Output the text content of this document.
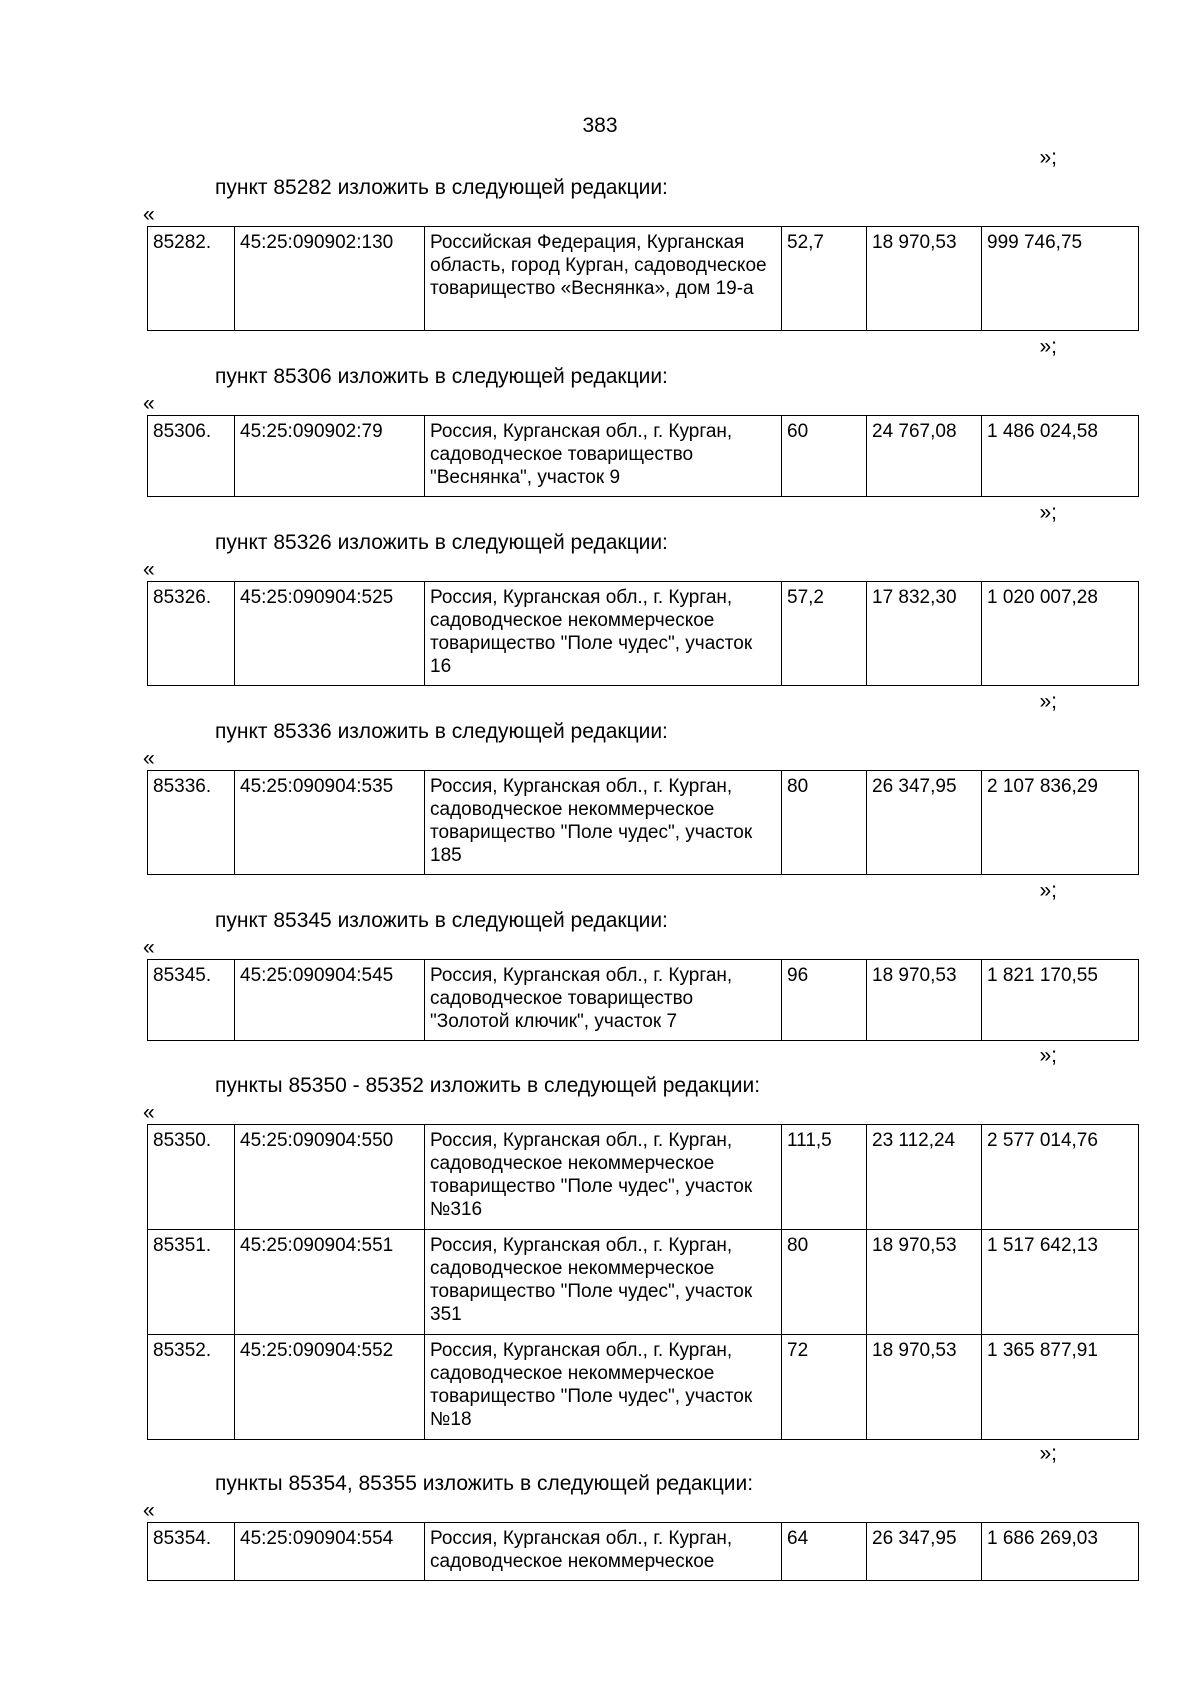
383
»;
пункт 85282 изложить в следующей редакции:
«
85282.	45:25:090902:130	Российская Федерация, Курганская область, город Курган, садоводческое товарищество «Веснянка», дом 19-а	52,7	18 970,53	999 746,75
»;
пункт 85306 изложить в следующей редакции:
«
85306.	45:25:090902:79	Россия, Курганская обл., г. Курган, садоводческое товарищество "Веснянка", участок 9	60	24 767,08	1 486 024,58
»;
пункт 85326 изложить в следующей редакции:
«
85326.	45:25:090904:525	Россия, Курганская обл., г. Курган, садоводческое некоммерческое товарищество "Поле чудес", участок 16	57,2	17 832,30	1 020 007,28
»;
пункт 85336 изложить в следующей редакции:
«
85336.	45:25:090904:535	Россия, Курганская обл., г. Курган, садоводческое некоммерческое товарищество "Поле чудес", участок 185	80	26 347,95	2 107 836,29
»;
пункт 85345 изложить в следующей редакции:
«
85345.	45:25:090904:545	Россия, Курганская обл., г. Курган, садоводческое товарищество "Золотой ключик", участок 7	96	18 970,53	1 821 170,55
»;
пункты 85350 - 85352 изложить в следующей редакции:
«
85350.	45:25:090904:550	Россия, Курганская обл., г. Курган, садоводческое некоммерческое товарищество "Поле чудес", участок №316	111,5	23 112,24	2 577 014,76
85351.	45:25:090904:551	Россия, Курганская обл., г. Курган, садоводческое некоммерческое товарищество "Поле чудес", участок 351	80	18 970,53	1 517 642,13
85352.	45:25:090904:552	Россия, Курганская обл., г. Курган, садоводческое некоммерческое товарищество "Поле чудес", участок №18	72	18 970,53	1 365 877,91
»;
пункты 85354, 85355 изложить в следующей редакции:
«
85354.	45:25:090904:554	Россия, Курганская обл., г. Курган, садоводческое некоммерческое	64	26 347,95	1 686 269,03
